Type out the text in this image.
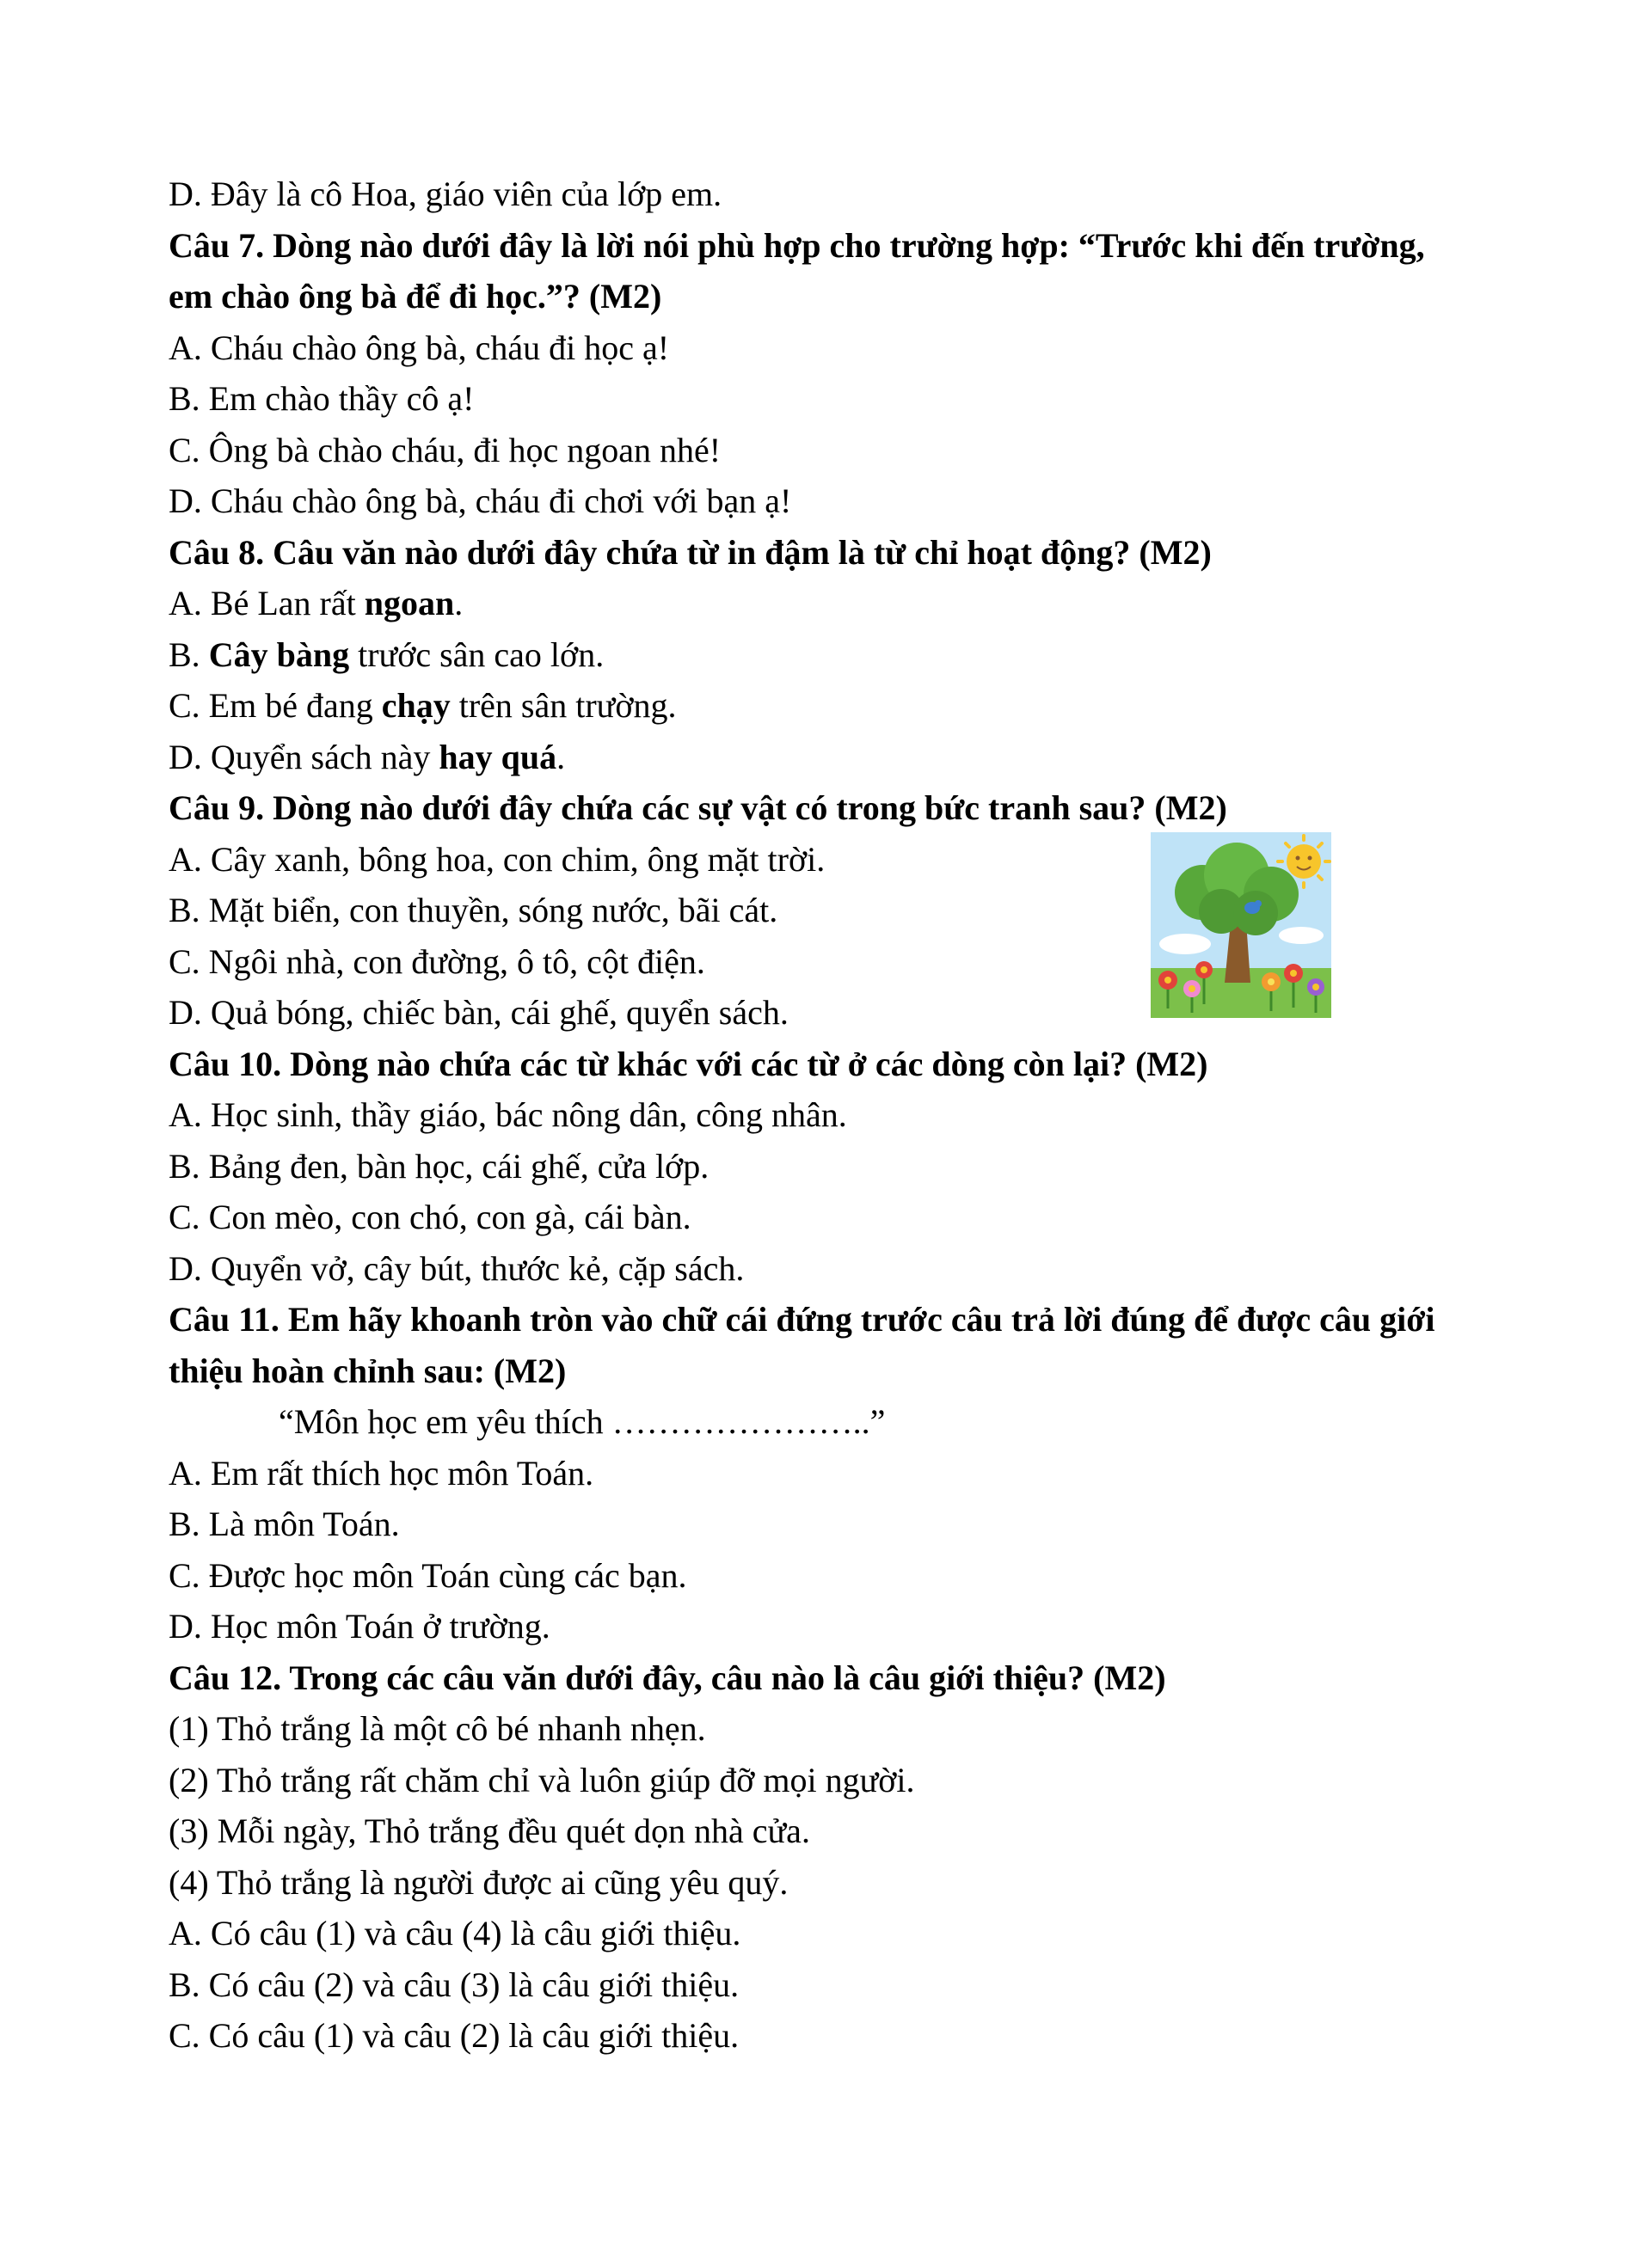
D. Đây là cô Hoa, giáo viên của lớp em.
Câu 7. Dòng nào dưới đây là lời nói phù hợp cho trường hợp: “Trước khi đến trường, em chào ông bà để đi học.”? (M2)
A. Cháu chào ông bà, cháu đi học ạ!
B. Em chào thầy cô ạ!
C. Ông bà chào cháu, đi học ngoan nhé!
D. Cháu chào ông bà, cháu đi chơi với bạn ạ!
Câu 8. Câu văn nào dưới đây chứa từ in đậm là từ chỉ hoạt động? (M2)
A. Bé Lan rất ngoan.
B. Cây bàng trước sân cao lớn.
C. Em bé đang chạy trên sân trường.
D. Quyển sách này hay quá.
Câu 9. Dòng nào dưới đây chứa các sự vật có trong bức tranh sau? (M2)
A. Cây xanh, bông hoa, con chim, ông mặt trời.
B. Mặt biển, con thuyền, sóng nước, bãi cát.
C. Ngôi nhà, con đường, ô tô, cột điện.
D. Quả bóng, chiếc bàn, cái ghế, quyển sách.
Câu 10. Dòng nào chứa các từ khác với các từ ở các dòng còn lại? (M2)
A. Học sinh, thầy giáo, bác nông dân, công nhân.
B. Bảng đen, bàn học, cái ghế, cửa lớp.
C. Con mèo, con chó, con gà, cái bàn.
D. Quyển vở, cây bút, thước kẻ, cặp sách.
Câu 11. Em hãy khoanh tròn vào chữ cái đứng trước câu trả lời đúng để được câu giới thiệu hoàn chỉnh sau: (M2)
“Môn học em yêu thích …………………..”
A. Em rất thích học môn Toán.
B. Là môn Toán.
C. Được học môn Toán cùng các bạn.
D. Học môn Toán ở trường.
Câu 12. Trong các câu văn dưới đây, câu nào là câu giới thiệu? (M2)
(1) Thỏ trắng là một cô bé nhanh nhẹn.
(2) Thỏ trắng rất chăm chỉ và luôn giúp đỡ mọi người.
(3) Mỗi ngày, Thỏ trắng đều quét dọn nhà cửa.
(4) Thỏ trắng là người được ai cũng yêu quý.
A. Có câu (1) và câu (4) là câu giới thiệu.
B. Có câu (2) và câu (3) là câu giới thiệu.
C. Có câu (1) và câu (2) là câu giới thiệu.
